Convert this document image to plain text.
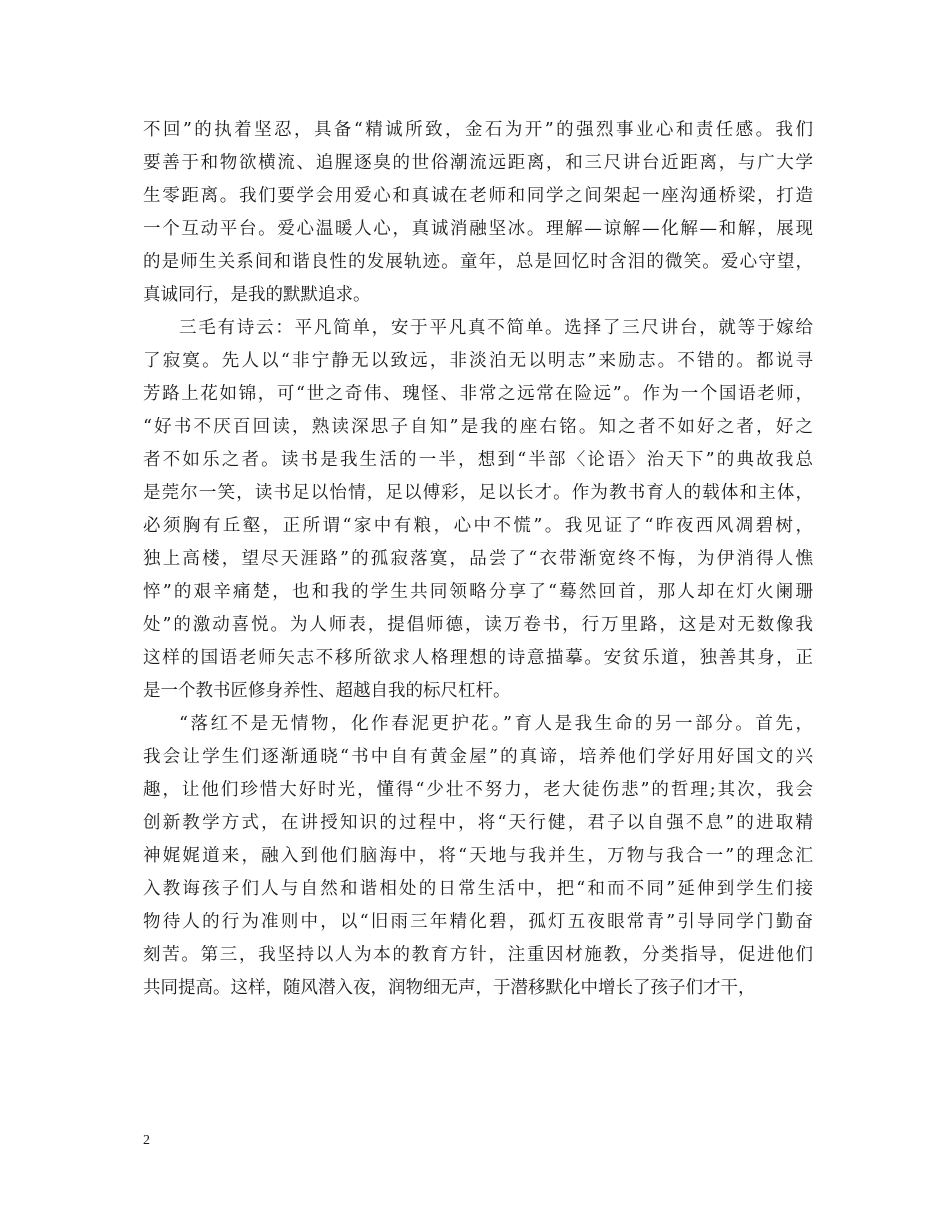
不回”的执着坚忍，具备“精诚所致，金石为开”的强烈事业心和责任感。我们
要善于和物欲横流、追腥逐臭的世俗潮流远距离，和三尺讲台近距离，与广大学
生零距离。我们要学会用爱心和真诚在老师和同学之间架起一座沟通桥梁，打造
一个互动平台。爱心温暖人心，真诚消融坚冰。理解—谅解—化解—和解，展现
的是师生关系间和谐良性的发展轨迹。童年，总是回忆时含泪的微笑。爱心守望，
真诚同行，是我的默默追求。
三毛有诗云：平凡简单，安于平凡真不简单。选择了三尺讲台，就等于嫁给
了寂寞。先人以“非宁静无以致远，非淡泊无以明志”来励志。不错的。都说寻
芳路上花如锦，可“世之奇伟、瑰怪、非常之远常在险远”。作为一个国语老师，
“好书不厌百回读，熟读深思子自知”是我的座右铭。知之者不如好之者，好之
者不如乐之者。读书是我生活的一半，想到“半部〈论语〉治天下”的典故我总
是莞尔一笑，读书足以怡情，足以傅彩，足以长才。作为教书育人的载体和主体，
必须胸有丘壑，正所谓“家中有粮，心中不慌”。我见证了“昨夜西风凋碧树，
独上高楼，望尽天涯路”的孤寂落寞，品尝了“衣带渐宽终不悔，为伊消得人憔
悴”的艰辛痛楚，也和我的学生共同领略分享了“蓦然回首，那人却在灯火阑珊
处”的激动喜悦。为人师表，提倡师德，读万卷书，行万里路，这是对无数像我
这样的国语老师矢志不移所欲求人格理想的诗意描摹。安贫乐道，独善其身，正
是一个教书匠修身养性、超越自我的标尺杠杆。
“落红不是无情物，化作春泥更护花。”育人是我生命的另一部分。首先，
我会让学生们逐渐通晓“书中自有黄金屋”的真谛，培养他们学好用好国文的兴
趣，让他们珍惜大好时光，懂得“少壮不努力，老大徒伤悲”的哲理;其次，我会
创新教学方式，在讲授知识的过程中，将“天行健，君子以自强不息”的进取精
神娓娓道来，融入到他们脑海中，将“天地与我并生，万物与我合一”的理念汇
入教诲孩子们人与自然和谐相处的日常生活中，把“和而不同”延伸到学生们接
物待人的行为准则中，以“旧雨三年精化碧，孤灯五夜眼常青”引导同学门勤奋
刻苦。第三，我坚持以人为本的教育方针，注重因材施教，分类指导，促进他们
共同提高。这样，随风潜入夜，润物细无声，于潜移默化中增长了孩子们才干，
2
